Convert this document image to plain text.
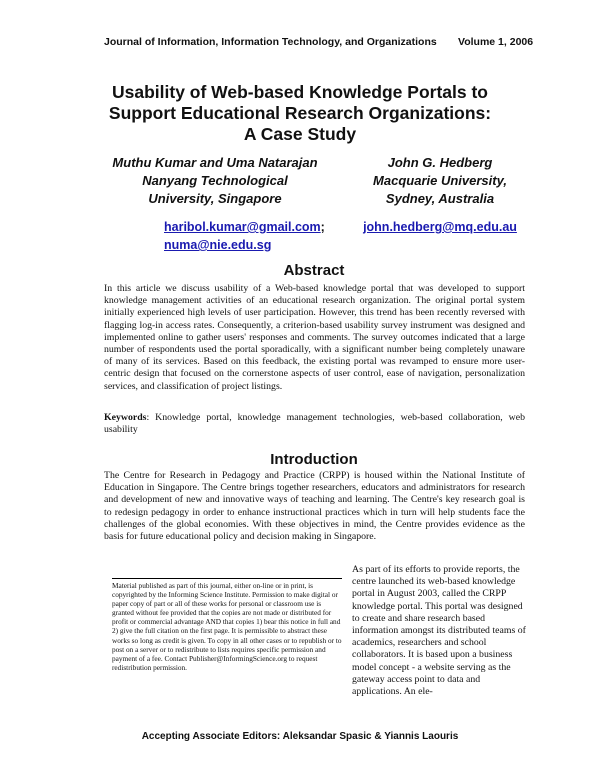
Journal of Information, Information Technology, and Organizations Volume 1, 2006
Usability of Web-based Knowledge Portals to
Support Educational Research Organizations:
A Case Study
Muthu Kumar and Uma Natarajan
Nanyang Technological
University, Singapore
John G. Hedberg
Macquarie University,
Sydney, Australia
haribol.kumar@gmail.com;
numa@nie.edu.sg
john.hedberg@mq.edu.au
Abstract
In this article we discuss usability of a Web-based knowledge portal that was developed to support knowledge management activities of an educational research organization. The original portal system initially experienced high levels of user participation. However, this trend has been recently reversed with flagging log-in access rates. Consequently, a criterion-based usability survey instrument was designed and implemented online to gather users' responses and comments. The survey outcomes indicated that a large number of respondents used the portal sporadically, with a significant number being completely unaware of many of its services. Based on this feedback, the existing portal was revamped to ensure more user-centric design that focused on the cornerstone aspects of user control, ease of navigation, personalization services, and classification of project listings.
Keywords: Knowledge portal, knowledge management technologies, web-based collaboration, web usability
Introduction
The Centre for Research in Pedagogy and Practice (CRPP) is housed within the National Institute of Education in Singapore. The Centre brings together researchers, educators and administrators for research and development of new and innovative ways of teaching and learning. The Centre's key research goal is to redesign pedagogy in order to enhance instructional practices which in turn will help students face the challenges of the global economies. With these objectives in mind, the Centre provides evidence as the basis for future educational policy and decision making in Singapore.
Material published as part of this journal, either on-line or in print, is copyrighted by the Informing Science Institute. Permission to make digital or paper copy of part or all of these works for personal or classroom use is granted without fee provided that the copies are not made or distributed for profit or commercial advantage AND that copies 1) bear this notice in full and 2) give the full citation on the first page. It is permissible to abstract these works so long as credit is given. To copy in all other cases or to republish or to post on a server or to redistribute to lists requires specific permission and payment of a fee. Contact Publisher@InformingScience.org to request redistribution permission.
As part of its efforts to provide reports, the centre launched its web-based knowledge portal in August 2003, called the CRPP knowledge portal. This portal was designed to create and share research based information amongst its distributed teams of academics, researchers and school collaborators. It is based upon a business model concept - a website serving as the gateway access point to data and applications. An ele-
Accepting Associate Editors: Aleksandar Spasic & Yiannis Laouris
